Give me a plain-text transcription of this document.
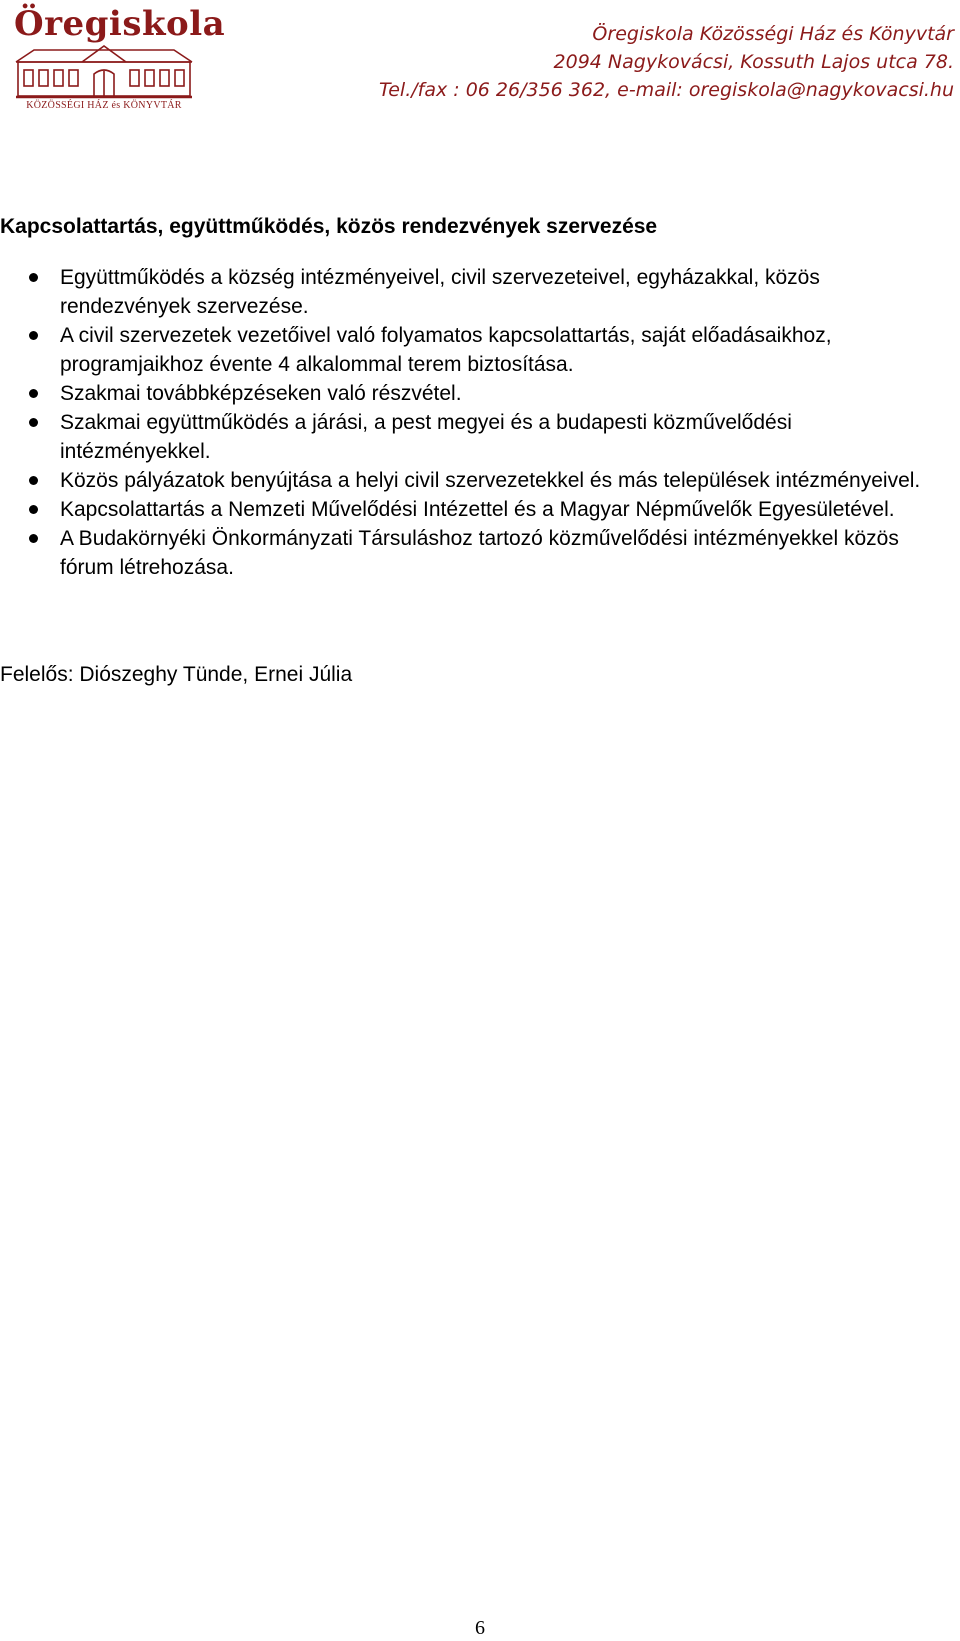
Öregiskola
KÖZÖSSÉGI HÁZ és KÖNYVTÁR
Öregiskola Közösségi Ház és Könyvtár
2094 Nagykovácsi, Kossuth Lajos utca 78.
Tel./fax : 06 26/356 362, e-mail: oregiskola@nagykovacsi.hu
Kapcsolattartás, együttműködés, közös rendezvények szervezése
Együttműködés a község intézményeivel, civil szervezeteivel, egyházakkal, közös rendezvények szervezése.
A civil szervezetek vezetőivel való folyamatos kapcsolattartás, saját előadásaikhoz, programjaikhoz évente 4 alkalommal terem biztosítása.
Szakmai továbbképzéseken való részvétel.
Szakmai együttműködés a járási, a pest megyei és a budapesti közművelődési intézményekkel.
Közös pályázatok benyújtása a helyi civil szervezetekkel és más települések intézményeivel.
Kapcsolattartás a Nemzeti Művelődési Intézettel és a Magyar Népművelők Egyesületével.
A Budakörnyéki Önkormányzati Társuláshoz tartozó közművelődési intézményekkel közös fórum létrehozása.
Felelős: Diószeghy Tünde, Ernei Júlia
6
